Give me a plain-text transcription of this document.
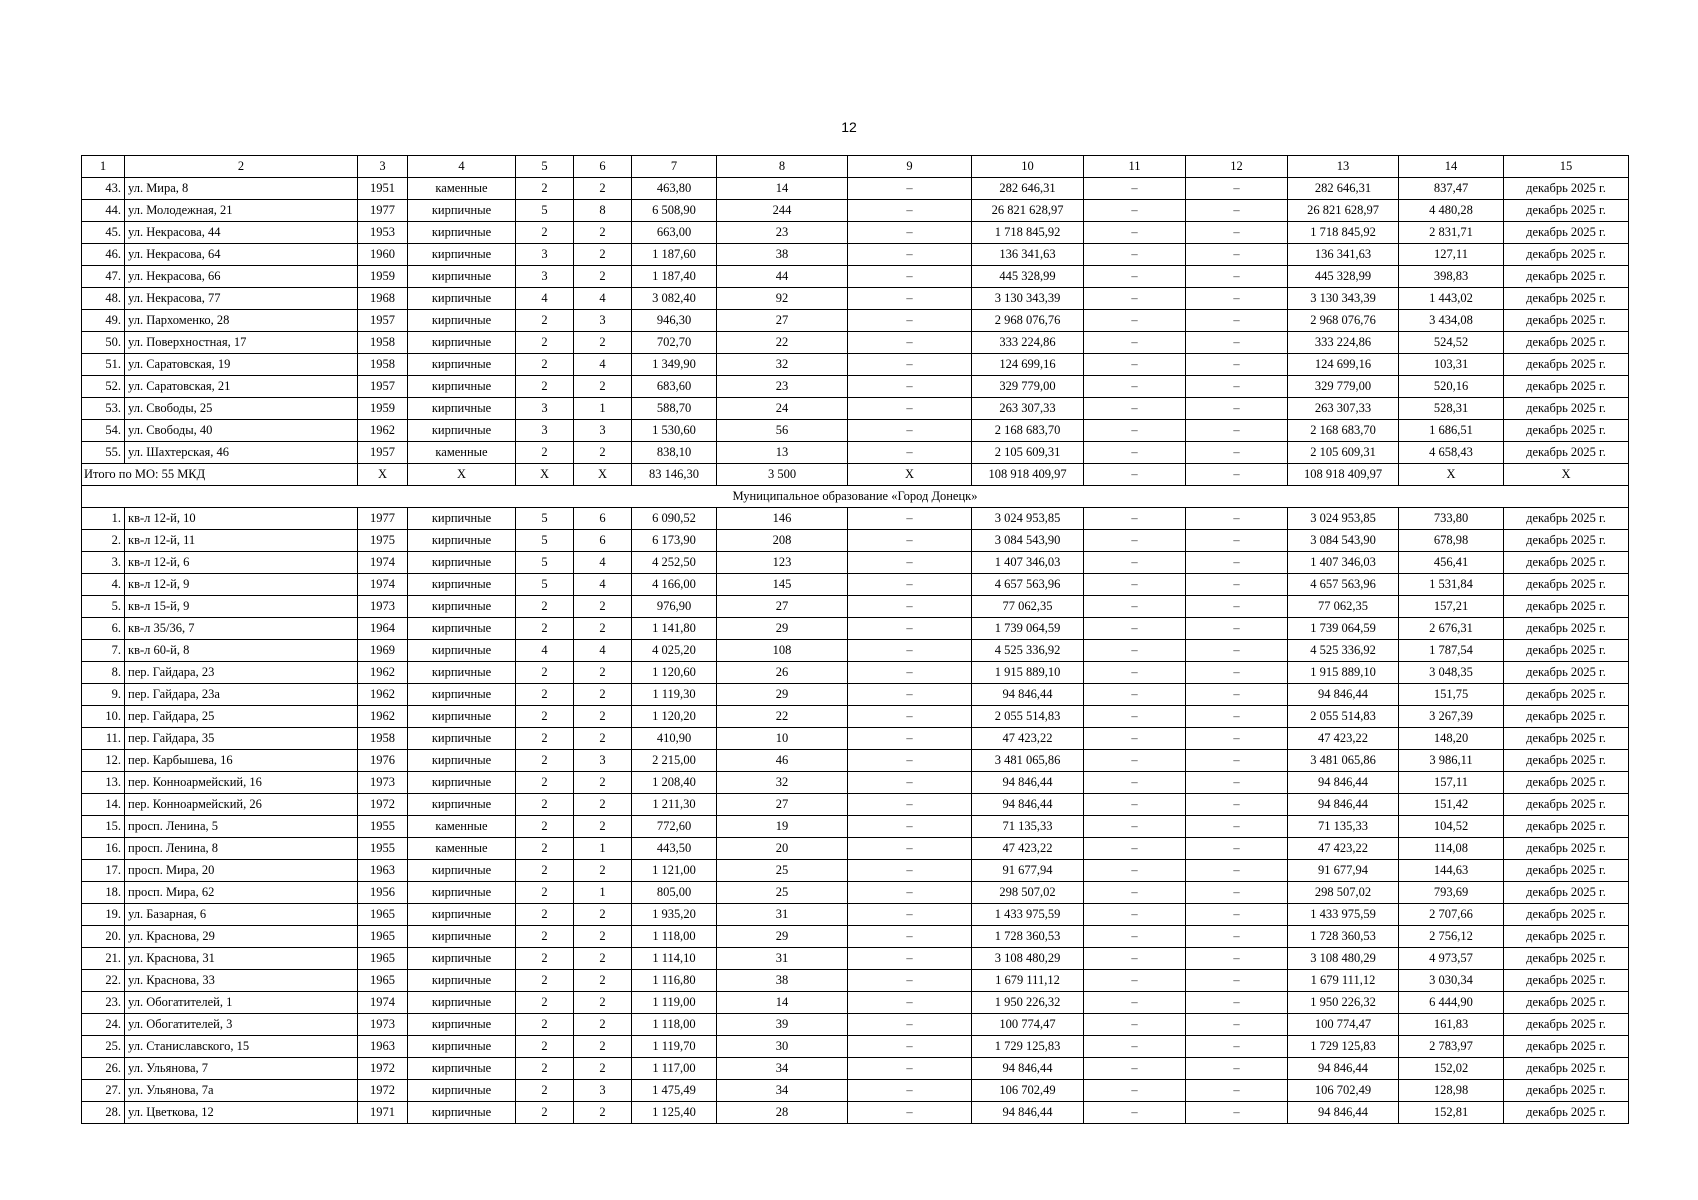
12
1	2	3	4	5	6	7	8	9	10	11	12	13	14	15
43.	ул. Мира, 8	1951	каменные	2	2	463,80	14	–	282 646,31	–	–	282 646,31	837,47	декабрь 2025 г.
44.	ул. Молодежная, 21	1977	кирпичные	5	8	6 508,90	244	–	26 821 628,97	–	–	26 821 628,97	4 480,28	декабрь 2025 г.
45.	ул. Некрасова, 44	1953	кирпичные	2	2	663,00	23	–	1 718 845,92	–	–	1 718 845,92	2 831,71	декабрь 2025 г.
46.	ул. Некрасова, 64	1960	кирпичные	3	2	1 187,60	38	–	136 341,63	–	–	136 341,63	127,11	декабрь 2025 г.
47.	ул. Некрасова, 66	1959	кирпичные	3	2	1 187,40	44	–	445 328,99	–	–	445 328,99	398,83	декабрь 2025 г.
48.	ул. Некрасова, 77	1968	кирпичные	4	4	3 082,40	92	–	3 130 343,39	–	–	3 130 343,39	1 443,02	декабрь 2025 г.
49.	ул. Пархоменко, 28	1957	кирпичные	2	3	946,30	27	–	2 968 076,76	–	–	2 968 076,76	3 434,08	декабрь 2025 г.
50.	ул. Поверхностная, 17	1958	кирпичные	2	2	702,70	22	–	333 224,86	–	–	333 224,86	524,52	декабрь 2025 г.
51.	ул. Саратовская, 19	1958	кирпичные	2	4	1 349,90	32	–	124 699,16	–	–	124 699,16	103,31	декабрь 2025 г.
52.	ул. Саратовская, 21	1957	кирпичные	2	2	683,60	23	–	329 779,00	–	–	329 779,00	520,16	декабрь 2025 г.
53.	ул. Свободы, 25	1959	кирпичные	3	1	588,70	24	–	263 307,33	–	–	263 307,33	528,31	декабрь 2025 г.
54.	ул. Свободы, 40	1962	кирпичные	3	3	1 530,60	56	–	2 168 683,70	–	–	2 168 683,70	1 686,51	декабрь 2025 г.
55.	ул. Шахтерская, 46	1957	каменные	2	2	838,10	13	–	2 105 609,31	–	–	2 105 609,31	4 658,43	декабрь 2025 г.
Итого по МО: 55 МКД		X	X	X	X	83 146,30	3 500	X	108 918 409,97	–	–	108 918 409,97	X	X
Муниципальное образование «Город Донецк»														
1.	кв-л 12-й, 10	1977	кирпичные	5	6	6 090,52	146	–	3 024 953,85	–	–	3 024 953,85	733,80	декабрь 2025 г.
2.	кв-л 12-й, 11	1975	кирпичные	5	6	6 173,90	208	–	3 084 543,90	–	–	3 084 543,90	678,98	декабрь 2025 г.
3.	кв-л 12-й, 6	1974	кирпичные	5	4	4 252,50	123	–	1 407 346,03	–	–	1 407 346,03	456,41	декабрь 2025 г.
4.	кв-л 12-й, 9	1974	кирпичные	5	4	4 166,00	145	–	4 657 563,96	–	–	4 657 563,96	1 531,84	декабрь 2025 г.
5.	кв-л 15-й, 9	1973	кирпичные	2	2	976,90	27	–	77 062,35	–	–	77 062,35	157,21	декабрь 2025 г.
6.	кв-л 35/36, 7	1964	кирпичные	2	2	1 141,80	29	–	1 739 064,59	–	–	1 739 064,59	2 676,31	декабрь 2025 г.
7.	кв-л 60-й, 8	1969	кирпичные	4	4	4 025,20	108	–	4 525 336,92	–	–	4 525 336,92	1 787,54	декабрь 2025 г.
8.	пер. Гайдара, 23	1962	кирпичные	2	2	1 120,60	26	–	1 915 889,10	–	–	1 915 889,10	3 048,35	декабрь 2025 г.
9.	пер. Гайдара, 23а	1962	кирпичные	2	2	1 119,30	29	–	94 846,44	–	–	94 846,44	151,75	декабрь 2025 г.
10.	пер. Гайдара, 25	1962	кирпичные	2	2	1 120,20	22	–	2 055 514,83	–	–	2 055 514,83	3 267,39	декабрь 2025 г.
11.	пер. Гайдара, 35	1958	кирпичные	2	2	410,90	10	–	47 423,22	–	–	47 423,22	148,20	декабрь 2025 г.
12.	пер. Карбышева, 16	1976	кирпичные	2	3	2 215,00	46	–	3 481 065,86	–	–	3 481 065,86	3 986,11	декабрь 2025 г.
13.	пер. Конноармейский, 16	1973	кирпичные	2	2	1 208,40	32	–	94 846,44	–	–	94 846,44	157,11	декабрь 2025 г.
14.	пер. Конноармейский, 26	1972	кирпичные	2	2	1 211,30	27	–	94 846,44	–	–	94 846,44	151,42	декабрь 2025 г.
15.	просп. Ленина, 5	1955	каменные	2	2	772,60	19	–	71 135,33	–	–	71 135,33	104,52	декабрь 2025 г.
16.	просп. Ленина, 8	1955	каменные	2	1	443,50	20	–	47 423,22	–	–	47 423,22	114,08	декабрь 2025 г.
17.	просп. Мира, 20	1963	кирпичные	2	2	1 121,00	25	–	91 677,94	–	–	91 677,94	144,63	декабрь 2025 г.
18.	просп. Мира, 62	1956	кирпичные	2	1	805,00	25	–	298 507,02	–	–	298 507,02	793,69	декабрь 2025 г.
19.	ул. Базарная, 6	1965	кирпичные	2	2	1 935,20	31	–	1 433 975,59	–	–	1 433 975,59	2 707,66	декабрь 2025 г.
20.	ул. Краснова, 29	1965	кирпичные	2	2	1 118,00	29	–	1 728 360,53	–	–	1 728 360,53	2 756,12	декабрь 2025 г.
21.	ул. Краснова, 31	1965	кирпичные	2	2	1 114,10	31	–	3 108 480,29	–	–	3 108 480,29	4 973,57	декабрь 2025 г.
22.	ул. Краснова, 33	1965	кирпичные	2	2	1 116,80	38	–	1 679 111,12	–	–	1 679 111,12	3 030,34	декабрь 2025 г.
23.	ул. Обогатителей, 1	1974	кирпичные	2	2	1 119,00	14	–	1 950 226,32	–	–	1 950 226,32	6 444,90	декабрь 2025 г.
24.	ул. Обогатителей, 3	1973	кирпичные	2	2	1 118,00	39	–	100 774,47	–	–	100 774,47	161,83	декабрь 2025 г.
25.	ул. Станиславского, 15	1963	кирпичные	2	2	1 119,70	30	–	1 729 125,83	–	–	1 729 125,83	2 783,97	декабрь 2025 г.
26.	ул. Ульянова, 7	1972	кирпичные	2	2	1 117,00	34	–	94 846,44	–	–	94 846,44	152,02	декабрь 2025 г.
27.	ул. Ульянова, 7а	1972	кирпичные	2	3	1 475,49	34	–	106 702,49	–	–	106 702,49	128,98	декабрь 2025 г.
28.	ул. Цветкова, 12	1971	кирпичные	2	2	1 125,40	28	–	94 846,44	–	–	94 846,44	152,81	декабрь 2025 г.
